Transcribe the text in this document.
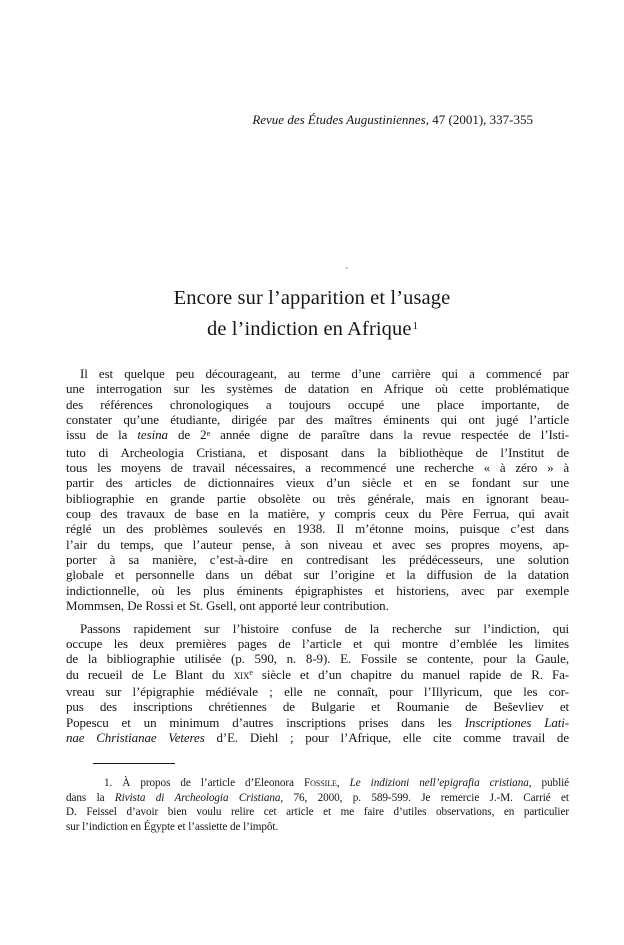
Revue des Études Augustiniennes, 47 (2001), 337-355
´
Encore sur l’apparition et l’usage
de l’indiction en Afrique$^1$
Il est quelque peu décourageant, au terme d’une carrière qui a commencé par
une interrogation sur les systèmes de datation en Afrique où cette problématique
des références chronologiques a toujours occupé une place importante, de
constater qu’une étudiante, dirigée par des maîtres éminents qui ont jugé l’article
issu de la tesina de 2e année digne de paraître dans la revue respectée de l’Isti-
tuto di Archeologia Cristiana, et disposant dans la bibliothèque de l’Institut de
tous les moyens de travail nécessaires, a recommencé une recherche « à zéro » à
partir des articles de dictionnaires vieux d’un siècle et en se fondant sur une
bibliographie en grande partie obsolète ou très générale, mais en ignorant beau-
coup des travaux de base en la matière, y compris ceux du Père Ferrua, qui avait
réglé un des problèmes soulevés en 1938. Il m’étonne moins, puisque c’est dans
l’air du temps, que l’auteur pense, à son niveau et avec ses propres moyens, ap-
porter à sa manière, c’est-à-dire en contredisant les prédécesseurs, une solution
globale et personnelle dans un débat sur l’origine et la diffusion de la datation
indictionnelle, où les plus éminents épigraphistes et historiens, avec par exemple
Mommsen, De Rossi et St. Gsell, ont apporté leur contribution.
Passons rapidement sur l’histoire confuse de la recherche sur l’indiction, qui
occupe les deux premières pages de l’article et qui montre d’emblée les limites
de la bibliographie utilisée (p. 590, n. 8-9). E. Fossile se contente, pour la Gaule,
du recueil de Le Blant du xix$^e$ siècle et d’un chapitre du manuel rapide de R. Fa-
vreau sur l’épigraphie médiévale ; elle ne connaît, pour l’Illyricum, que les cor-
pus des inscriptions chrétiennes de Bulgarie et Roumanie de Beševliev et
Popescu et un minimum d’autres inscriptions prises dans les Inscriptiones Lati-
nae Christianae Veteres d’E. Diehl ; pour l’Afrique, elle cite comme travail de
1. À propos de l’article d’Eleonora Fossile, Le indizioni nell’epigrafia cristiana, publié
dans la Rivista di Archeologia Cristiana, 76, 2000, p. 589-599. Je remercie J.-M. Carrié et
D. Feissel d’avoir bien voulu relire cet article et me faire d’utiles observations, en particulier
sur l’indiction en Égypte et l’assiette de l’impôt.
